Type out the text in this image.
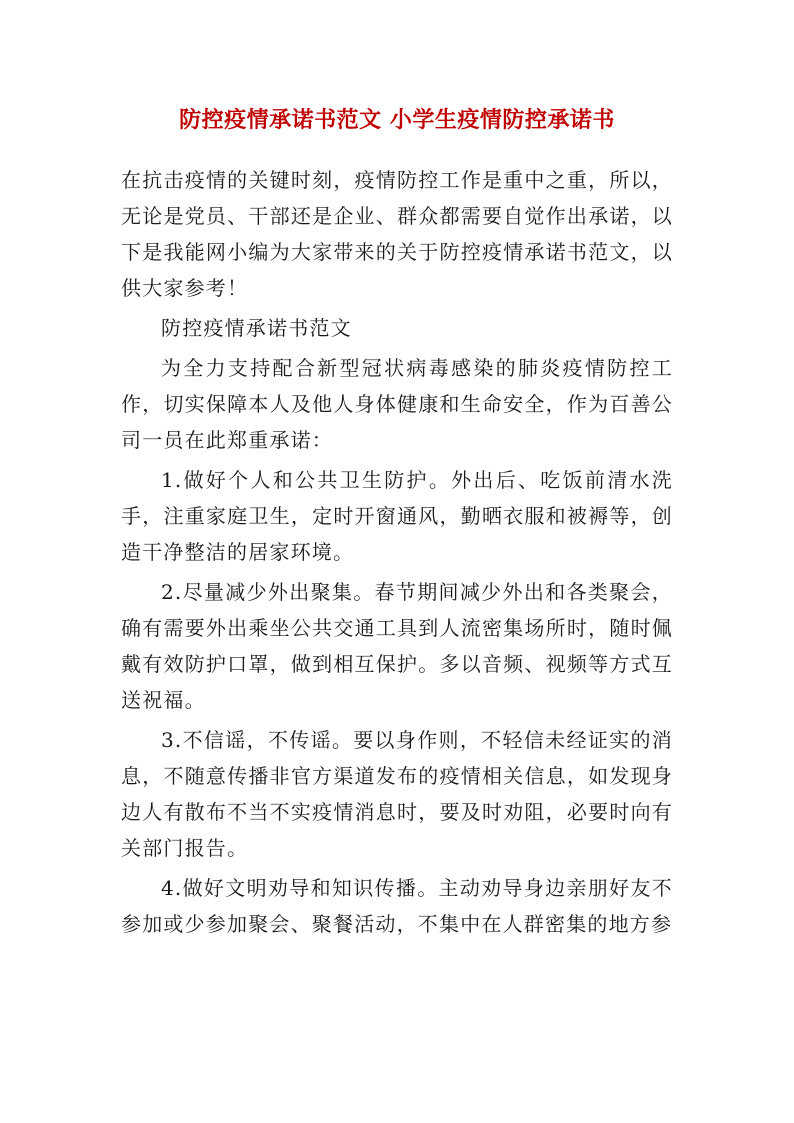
防控疫情承诺书范文 小学生疫情防控承诺书

在抗击疫情的关键时刻，疫情防控工作是重中之重，所以，无论是党员、干部还是企业、群众都需要自觉作出承诺，以下是我能网小编为大家带来的关于防控疫情承诺书范文，以供大家参考！

防控疫情承诺书范文

为全力支持配合新型冠状病毒感染的肺炎疫情防控工作，切实保障本人及他人身体健康和生命安全，作为百善公司一员在此郑重承诺：

1.做好个人和公共卫生防护。外出后、吃饭前清水洗手，注重家庭卫生，定时开窗通风，勤晒衣服和被褥等，创造干净整洁的居家环境。

2.尽量减少外出聚集。春节期间减少外出和各类聚会，确有需要外出乘坐公共交通工具到人流密集场所时，随时佩戴有效防护口罩，做到相互保护。多以音频、视频等方式互送祝福。

3.不信谣，不传谣。要以身作则，不轻信未经证实的消息，不随意传播非官方渠道发布的疫情相关信息，如发现身边人有散布不当不实疫情消息时，要及时劝阻，必要时向有关部门报告。

4.做好文明劝导和知识传播。主动劝导身边亲朋好友不参加或少参加聚会、聚餐活动，不集中在人群密集的地方参
